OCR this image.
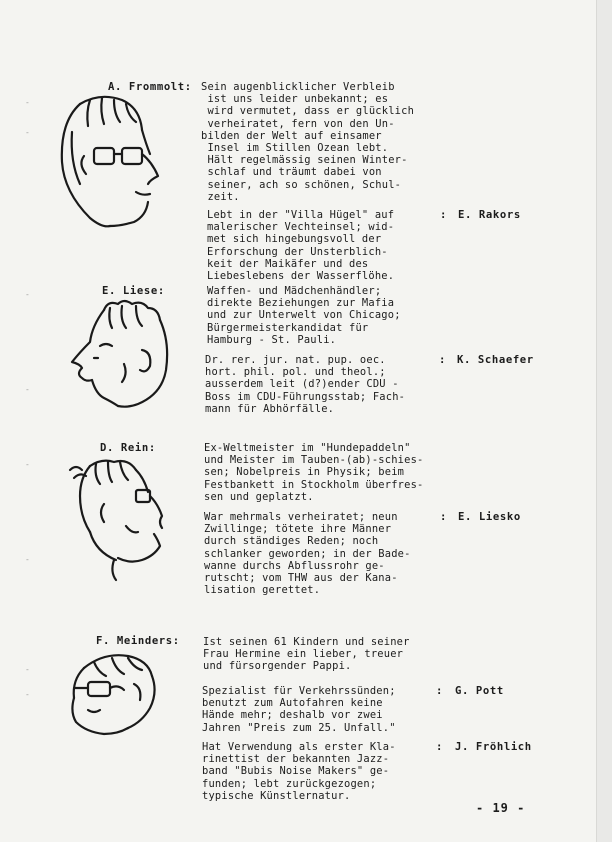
-
-
-
-
-
-
-
-
A. Frommolt: Sein augenblicklicher Verbleib
ist uns leider unbekannt; es
wird vermutet, dass er glücklich
verheiratet, fern von den Un-
bilden der Welt auf einsamer
Insel im Stillen Ozean lebt.
Hält regelmässig seinen Winter-
schlaf und träumt dabei von
seiner, ach so schönen, Schul-
zeit.
Lebt in der "Villa Hügel" auf
malerischer Vechteinsel; wid-
met sich hingebungsvoll der
Erforschung der Unsterblich-
keit der Maikäfer und des
Liebeslebens der Wasserflöhe.
: E. Rakors
E. Liese:	Waffen- und Mädchenhändler;
direkte Beziehungen zur Mafia
und zur Unterwelt von Chicago;
Bürgermeisterkandidat für
Hamburg - St. Pauli.
Dr. rer. jur. nat. pup. oec.
hort. phil. pol. und theol.;
ausserdem leit (d?)ender CDU -
Boss im CDU-Führungsstab; Fach-
mann für Abhörfälle.
: K. Schaefer
D. Rein:	Ex-Weltmeister im "Hundepaddeln"
und Meister im Tauben-(ab)-schies-
sen; Nobelpreis in Physik; beim
Festbankett in Stockholm überfres-
sen und geplatzt.
War mehrmals verheiratet; neun
Zwillinge; tötete ihre Männer
durch ständiges Reden; noch
schlanker geworden; in der Bade-
wanne durchs Abflussrohr ge-
rutscht; vom THW aus der Kana-
lisation gerettet.
: E. Liesko
F. Meinders: Ist seinen 61 Kindern und seiner
Frau Hermine ein lieber, treuer
und fürsorgender Pappi.
Spezialist für Verkehrssünden;
benutzt zum Autofahren keine
Hände mehr; deshalb vor zwei
Jahren "Preis zum 25. Unfall."
: G. Pott
Hat Verwendung als erster Kla-
rinettist der bekannten Jazz-
band "Bubis Noise Makers" ge-
funden; lebt zurückgezogen;
typische Künstlernatur.
: J. Fröhlich
- 19 -
